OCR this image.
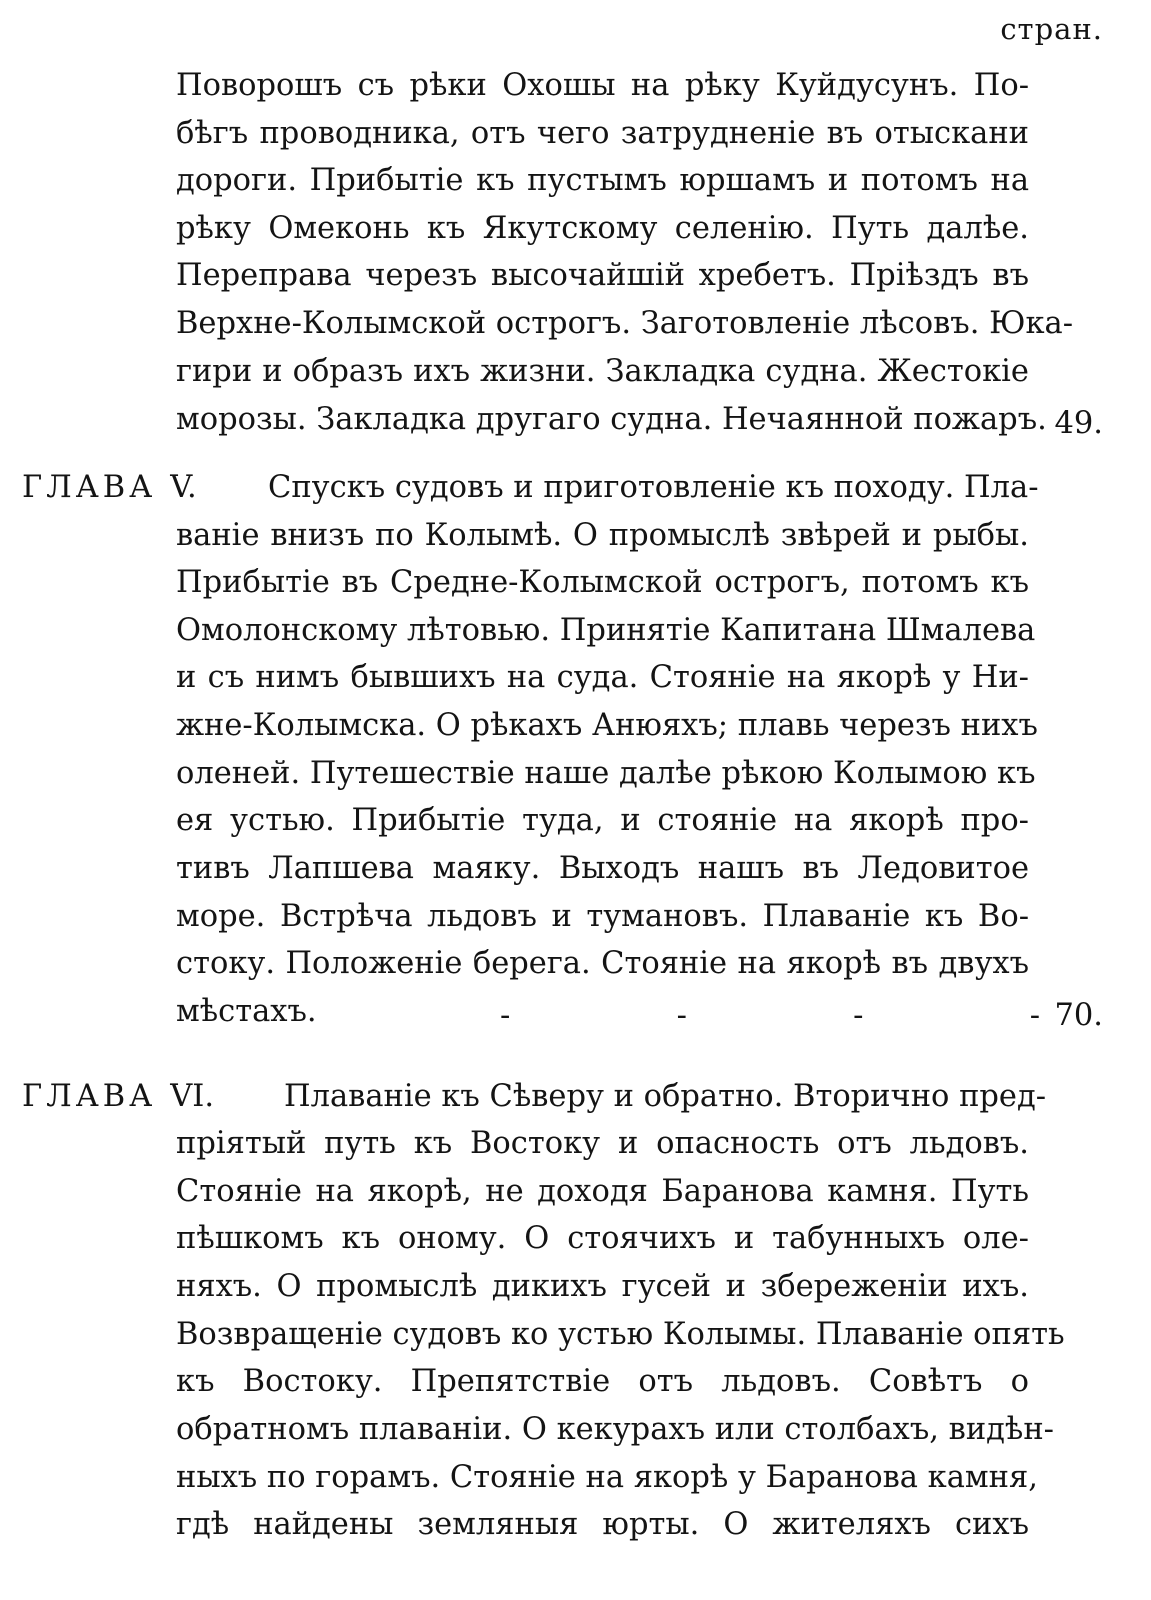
стран.
Поворошъ съ рѣки Охошы на рѣку Куйдусунъ. По-
бѣгъ проводника, отъ чего затрудненіе въ отыскани
дороги. Прибытіе къ пустымъ юршамъ и потомъ на
рѣку Омеконь къ Якутскому селенію. Путь далѣе.
Переправа черезъ высочайшій хребетъ. Пріѣздъ въ
Верхне-Колымской острогъ. Заготовленіе лѣсовъ. Юка-
гири и образъ ихъ жизни. Закладка судна. Жестокіе
морозы. Закладка другаго судна. Нечаянной пожаръ. 49.
ГЛАВА V. Спускъ судовъ и приготовленіе къ походу. Пла-
ваніе внизъ по Колымѣ. О промыслѣ звѣрей и рыбы.
Прибытіе въ Средне-Колымской острогъ, потомъ къ
Омолонскому лѣтовью. Принятіе Капитана Шмалева
и съ нимъ бывшихъ на суда. Стояніе на якорѣ у Ни-
жне-Колымска. О рѣкахъ Анюяхъ; плавь черезъ нихъ
оленей. Путешествіе наше далѣе рѣкою Колымою къ
ея устью. Прибытіе туда, и стояніе на якорѣ про-
тивъ Лапшева маяку. Выходъ нашъ въ Ледовитое
море. Встрѣча льдовъ и тумановъ. Плаваніе къ Во-
стоку. Положеніе берега. Стояніе на якорѣ въ двухъ
мѣстахъ.	-	-	-	- 70.
ГЛАВА VI. Плаваніе къ Сѣверу и обратно. Вторично пред-
пріятый путь къ Востоку и опасность отъ льдовъ.
Стояніе на якорѣ, не доходя Баранова камня. Путь
пѣшкомъ къ оному. О стоячихъ и табунныхъ оле-
няхъ. О промыслѣ дикихъ гусей и збереженіи ихъ.
Возвращеніе судовъ ко устью Колымы. Плаваніе опять
къ Востоку. Препятствіе отъ льдовъ. Совѣтъ о
обратномъ плаваніи. О кекурахъ или столбахъ, видѣн-
ныхъ по горамъ. Стояніе на якорѣ у Баранова камня,
гдѣ найдены земляныя юрты. О жителяхъ сихъ
